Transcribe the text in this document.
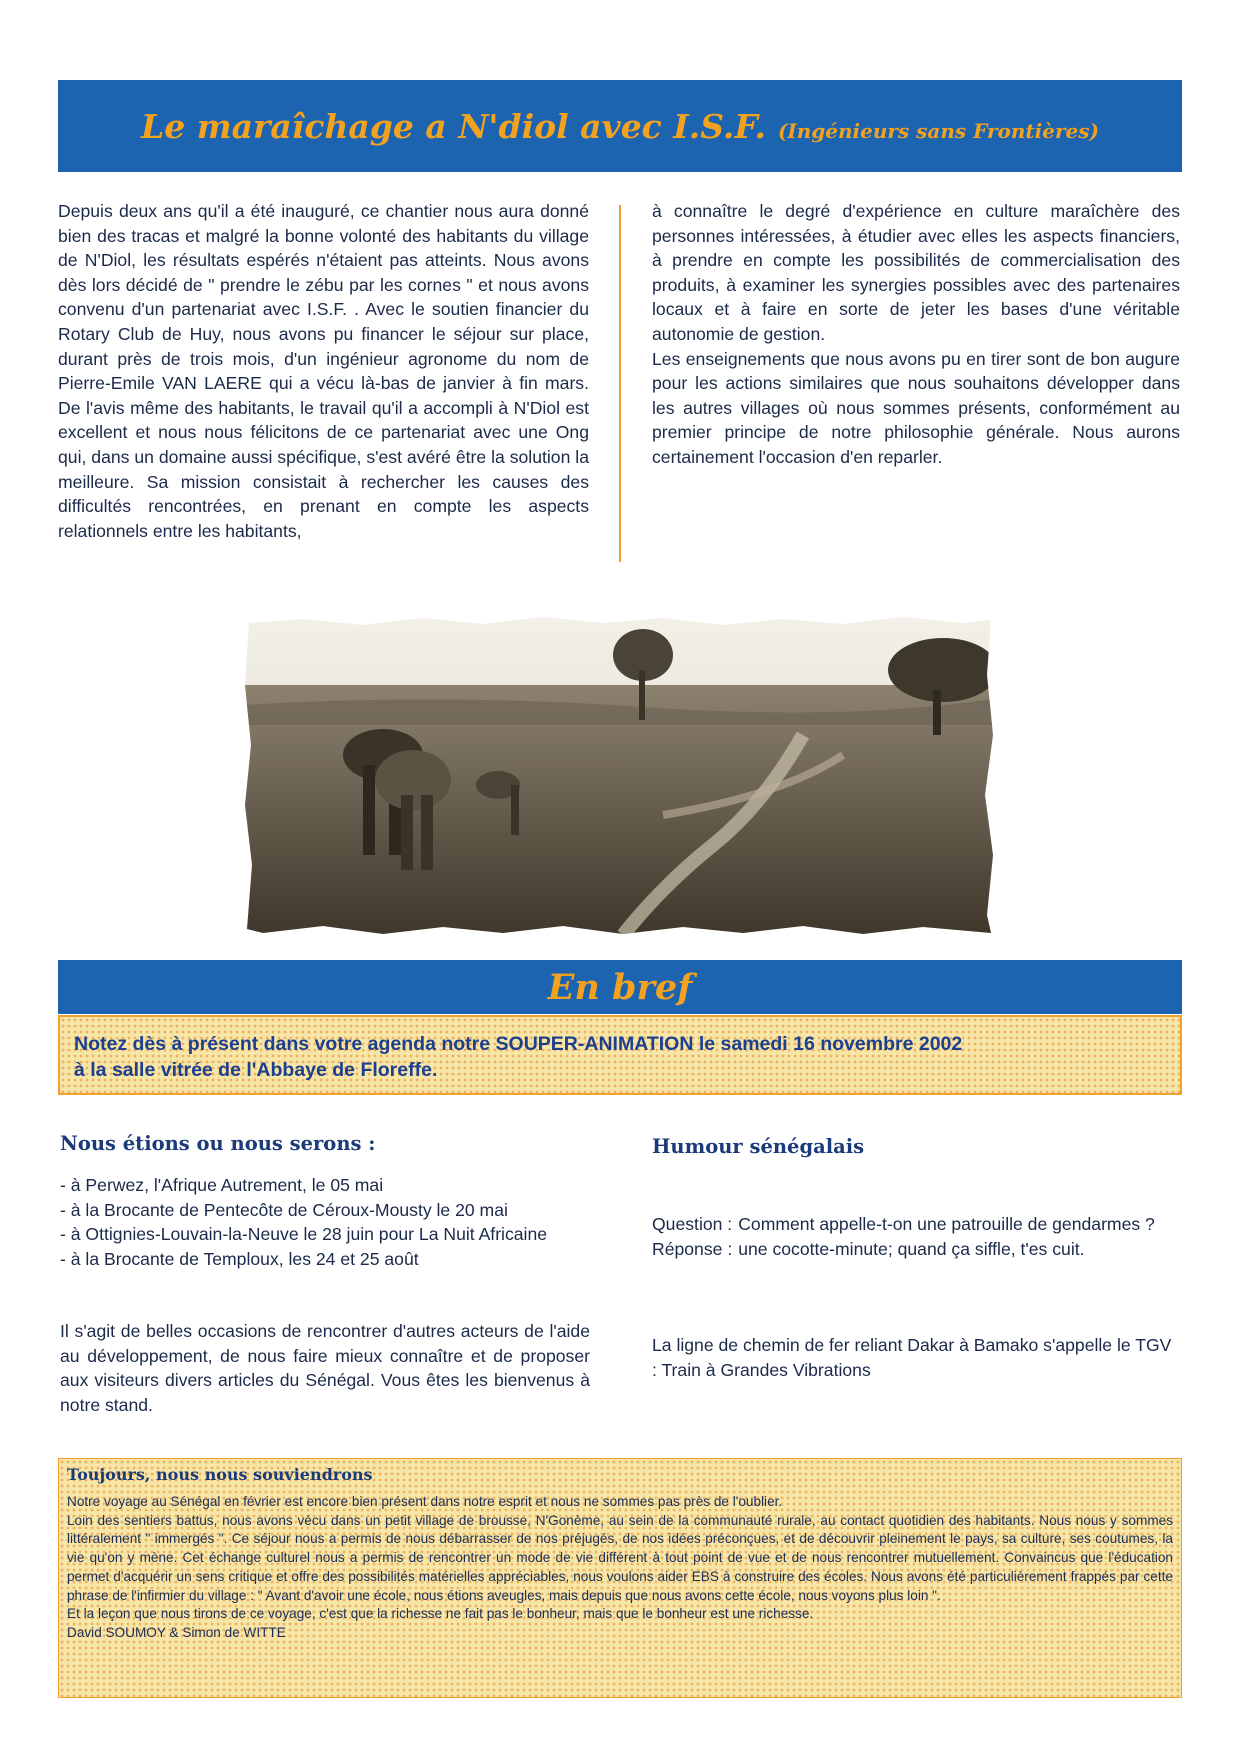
Le maraîchage a N'diol avec I.S.F. (Ingénieurs sans Frontières)

Depuis deux ans qu'il a été inauguré, ce chantier nous aura donné bien des tracas et malgré la bonne volonté des habitants du village de N'Diol, les résultats espérés n'étaient pas atteints. Nous avons dès lors décidé de " prendre le zébu par les cornes " et nous avons convenu d'un partenariat avec I.S.F. . Avec le soutien financier du Rotary Club de Huy, nous avons pu financer le séjour sur place, durant près de trois mois, d'un ingénieur agronome du nom de Pierre-Emile VAN LAERE qui a vécu là-bas de janvier à fin mars. De l'avis même des habitants, le travail qu'il a accompli à N'Diol est excellent et nous nous félicitons de ce partenariat avec une Ong qui, dans un domaine aussi spécifique, s'est avéré être la solution la meilleure. Sa mission consistait à rechercher les causes des difficultés rencontrées, en prenant en compte les aspects relationnels entre les habitants,

à connaître le degré d'expérience en culture maraîchère des personnes intéressées, à étudier avec elles les aspects financiers, à prendre en compte les possibilités de commercialisation des produits, à examiner les synergies possibles avec des partenaires locaux et à faire en sorte de jeter les bases d'une véritable autonomie de gestion.

Les enseignements que nous avons pu en tirer sont de bon augure pour les actions similaires que nous souhaitons développer dans les autres villages où nous sommes présents, conformément au premier principe de notre philosophie générale. Nous aurons certainement l'occasion d'en reparler.

En bref
Notez dès à présent dans votre agenda notre SOUPER-ANIMATION le samedi 16 novembre 2002
à la salle vitrée de l'Abbaye de Floreffe.
Nous étions ou nous serons :
- à Perwez, l'Afrique Autrement, le 05 mai
- à la Brocante de Pentecôte de Céroux-Mousty le 20 mai
- à Ottignies-Louvain-la-Neuve le 28 juin pour La Nuit Africaine
- à la Brocante de Temploux, les 24 et 25 août

Il s'agit de belles occasions de rencontrer d'autres acteurs de l'aide au développement, de nous faire mieux connaître et de proposer aux visiteurs divers articles du Sénégal. Vous êtes les bienvenus à notre stand.

Humour sénégalais
Question : Comment appelle-t-on une patrouille de gendarmes ?
Réponse : une cocotte-minute; quand ça siffle, t'es cuit.

La ligne de chemin de fer reliant Dakar à Bamako s'appelle le TGV : Train à Grandes Vibrations

Toujours, nous nous souviendrons

Notre voyage au Sénégal en février est encore bien présent dans notre esprit et nous ne sommes pas près de l'oublier.

Loin des sentiers battus, nous avons vécu dans un petit village de brousse, N'Gonème, au sein de la communauté rurale, au contact quotidien des habitants. Nous nous y sommes littéralement " immergés ". Ce séjour nous a permis de nous débarrasser de nos préjugés, de nos idées préconçues, et de découvrir pleinement le pays, sa culture, ses coutumes, la vie qu'on y mène. Cet échange culturel nous a permis de rencontrer un mode de vie différent à tout point de vue et de nous rencontrer mutuellement. Convaincus que l'éducation permet d'acquérir un sens critique et offre des possibilités matérielles appréciables, nous voulons aider EBS à construire des écoles. Nous avons été particulièrement frappés par cette phrase de l'infirmier du village : " Avant d'avoir une école, nous étions aveugles, mais depuis que nous avons cette école, nous voyons plus loin ".

Et la leçon que nous tirons de ce voyage, c'est que la richesse ne fait pas le bonheur, mais que le bonheur est une richesse.

David SOUMOY & Simon de WITTE
